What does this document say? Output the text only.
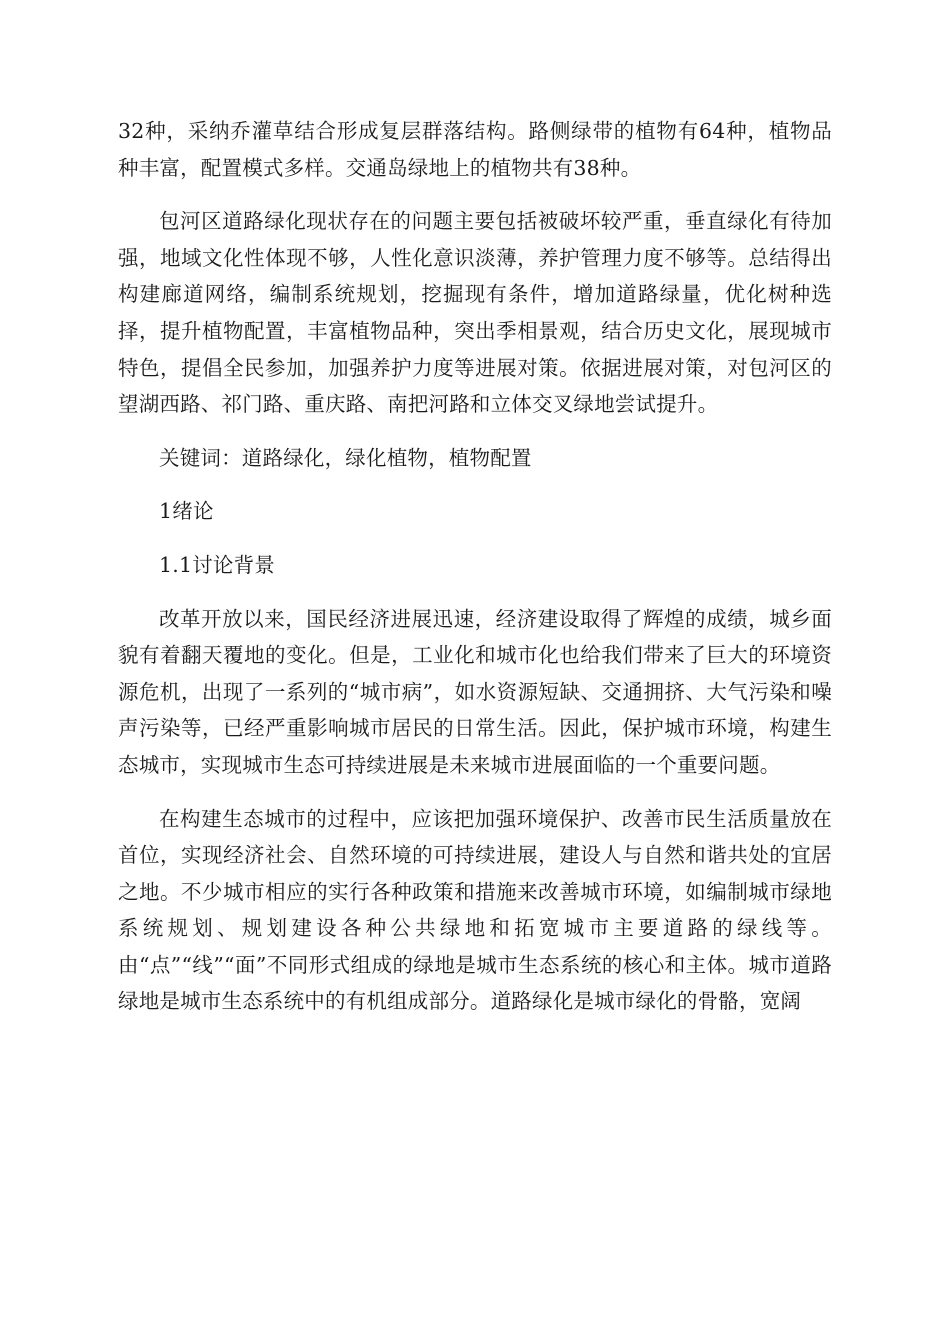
32种，采纳乔灌草结合形成复层群落结构。路侧绿带的植物有64种，植物品种丰富，配置模式多样。交通岛绿地上的植物共有38种。

包河区道路绿化现状存在的问题主要包括被破坏较严重，垂直绿化有待加强，地域文化性体现不够，人性化意识淡薄，养护管理力度不够等。总结得出构建廊道网络，编制系统规划，挖掘现有条件，增加道路绿量，优化树种选择，提升植物配置，丰富植物品种，突出季相景观，结合历史文化，展现城市特色，提倡全民参加，加强养护力度等进展对策。依据进展对策，对包河区的望湖西路、祁门路、重庆路、南把河路和立体交叉绿地尝试提升。

关键词：道路绿化，绿化植物，植物配置

1绪论

1.1讨论背景

改革开放以来，国民经济进展迅速，经济建设取得了辉煌的成绩，城乡面貌有着翻天覆地的变化。但是，工业化和城市化也给我们带来了巨大的环境资源危机，出现了一系列的“城市病”，如水资源短缺、交通拥挤、大气污染和噪声污染等，已经严重影响城市居民的日常生活。因此，保护城市环境，构建生态城市，实现城市生态可持续进展是未来城市进展面临的一个重要问题。

在构建生态城市的过程中，应该把加强环境保护、改善市民生活质量放在首位，实现经济社会、自然环境的可持续进展，建设人与自然和谐共处的宜居之地。不少城市相应的实行各种政策和措施来改善城市环境，如编制城市绿地系统规划、规划建设各种公共绿地和拓宽城市主要道路的绿线等。由“点”“线”“面”不同形式组成的绿地是城市生态系统的核心和主体。城市道路绿地是城市生态系统中的有机组成部分。道路绿化是城市绿化的骨骼，宽阔
